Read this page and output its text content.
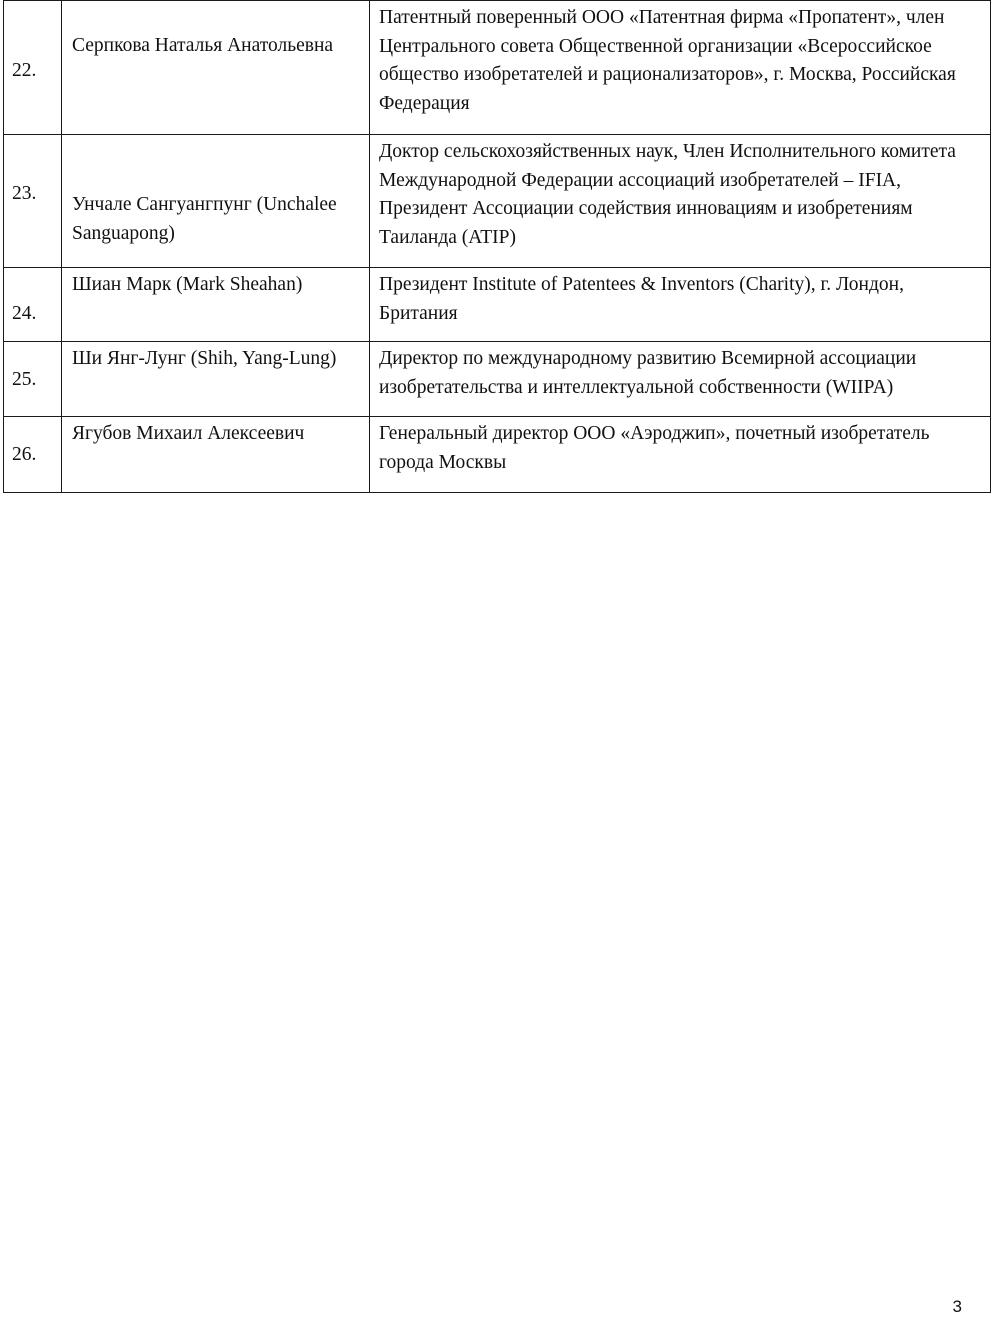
22.	Серпкова Наталья Анатольевна	Патентный поверенный ООО «Патентная фирма «Пропатент», член Центрального совета Общественной организации «Всероссийское общество изобретателей и рационализаторов», г. Москва, Российская Федерация
23.	Унчале Сангуангпунг (Unchalee Sanguapong)	Доктор сельскохозяйственных наук, Член Исполнительного комитета Международной Федерации ассоциаций изобретателей – IFIA, Президент Ассоциации содействия инновациям и изобретениям Таиланда (ATIP)
24.	Шиан Марк (Mark Sheahan)	Президент Institute of Patentees & Inventors (Charity), г. Лондон, Британия
25.	Ши Янг-Лунг (Shih, Yang-Lung)	Директор по международному развитию Всемирной ассоциации изобретательства и интеллектуальной собственности (WIIPA)
26.	Ягубов Михаил Алексеевич	Генеральный директор ООО «Аэроджип», почетный изобретатель города Москвы
3
